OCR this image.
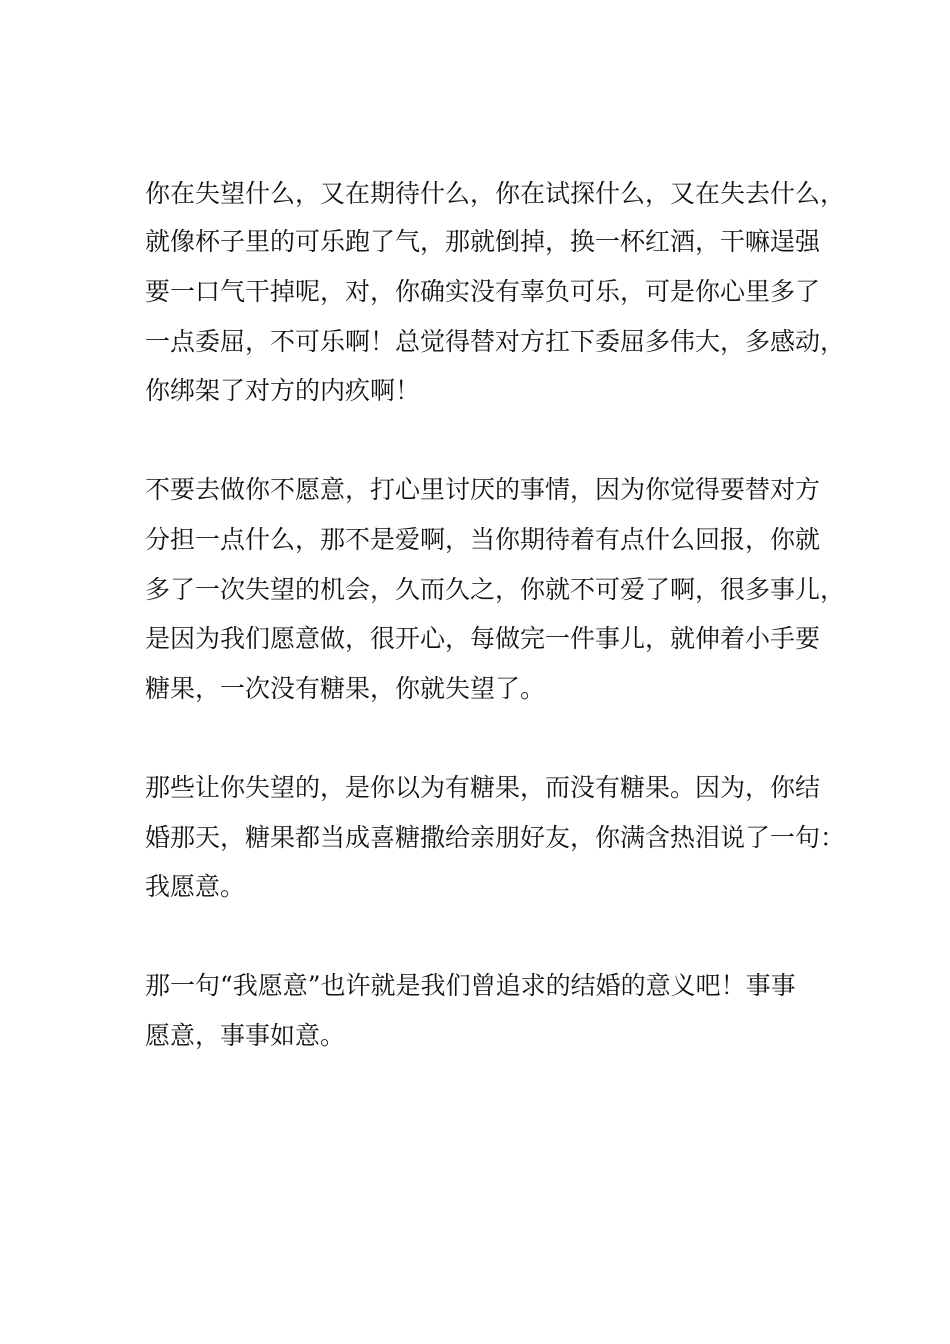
你在失望什么，又在期待什么，你在试探什么，又在失去什么，
就像杯子里的可乐跑了气，那就倒掉，换一杯红酒，干嘛逞强
要一口气干掉呢，对，你确实没有辜负可乐，可是你心里多了
一点委屈，不可乐啊！总觉得替对方扛下委屈多伟大，多感动，
你绑架了对方的内疚啊！
不要去做你不愿意，打心里讨厌的事情，因为你觉得要替对方
分担一点什么，那不是爱啊，当你期待着有点什么回报，你就
多了一次失望的机会，久而久之，你就不可爱了啊，很多事儿，
是因为我们愿意做，很开心，每做完一件事儿，就伸着小手要
糖果，一次没有糖果，你就失望了。
那些让你失望的，是你以为有糖果，而没有糖果。因为，你结
婚那天，糖果都当成喜糖撒给亲朋好友，你满含热泪说了一句：
我愿意。
那一句“我愿意”也许就是我们曾追求的结婚的意义吧！事事
愿意，事事如意。
